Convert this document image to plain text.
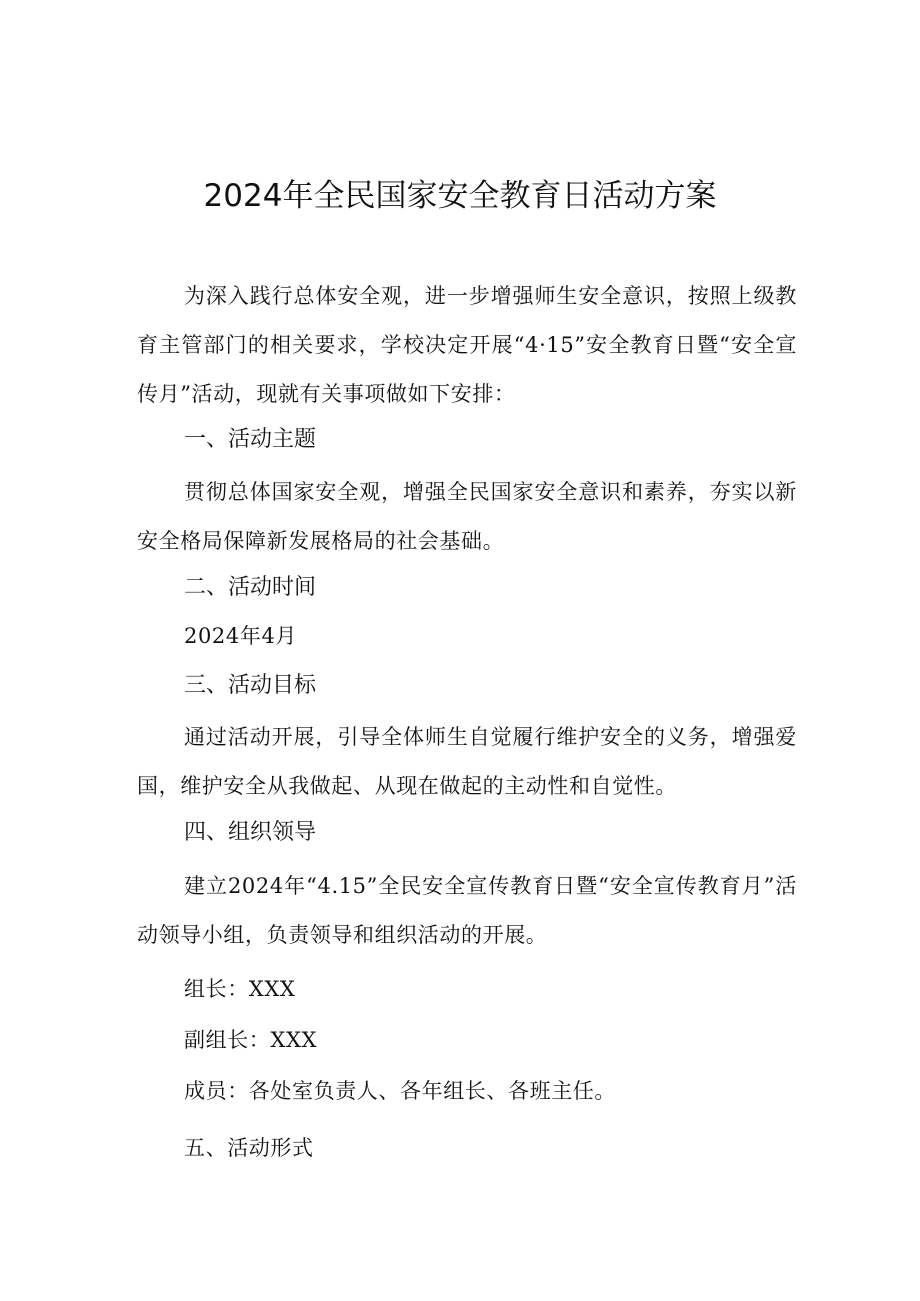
2024年全民国家安全教育日活动方案
为深入践行总体安全观，进一步增强师生安全意识，按照上级教育主管部门的相关要求，学校决定开展“4·15”安全教育日暨“安全宣传月”活动，现就有关事项做如下安排：
一、活动主题
贯彻总体国家安全观，增强全民国家安全意识和素养，夯实以新安全格局保障新发展格局的社会基础。
二、活动时间
2024年4月
三、活动目标
通过活动开展，引导全体师生自觉履行维护安全的义务，增强爱国，维护安全从我做起、从现在做起的主动性和自觉性。
四、组织领导
建立2024年“4.15”全民安全宣传教育日暨“安全宣传教育月”活动领导小组，负责领导和组织活动的开展。
组长：XXX
副组长：XXX
成员：各处室负责人、各年组长、各班主任。
五、活动形式
